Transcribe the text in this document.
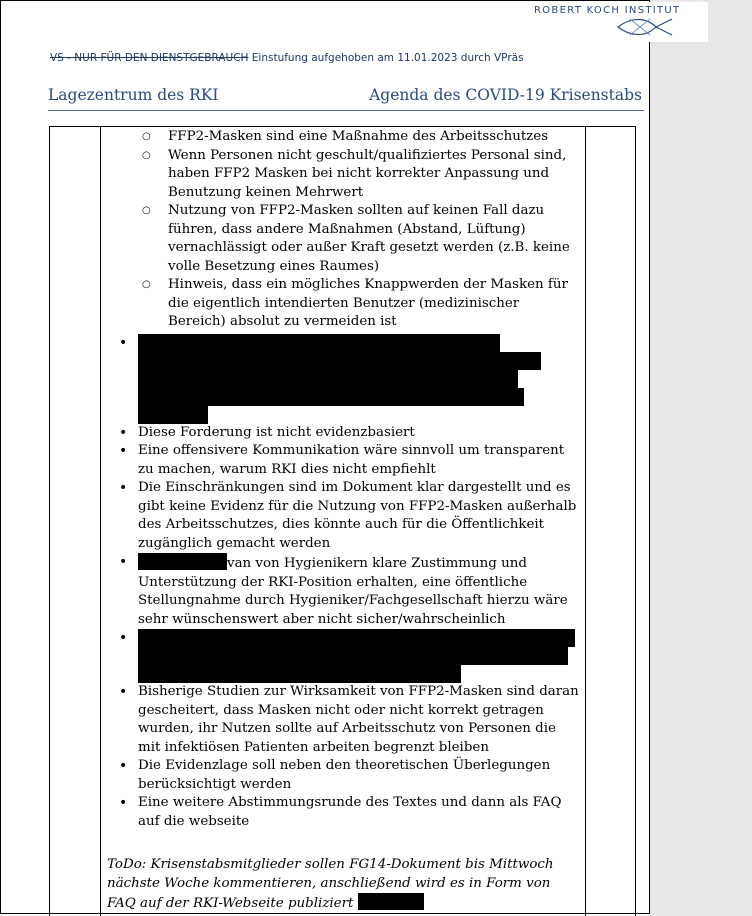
ROBERT KOCH INSTITUT
VS - NUR FÜR DEN DIENSTGEBRAUCH Einstufung aufgehoben am 11.01.2023 durch VPräs
Lagezentrum des RKI	Agenda des COVID-19 Krisenstabs
○ FFP2-Masken sind eine Maßnahme des Arbeitsschutzes
○ Wenn Personen nicht geschult/qualifiziertes Personal sind, haben FFP2 Masken bei nicht korrekter Anpassung und Benutzung keinen Mehrwert
○ Nutzung von FFP2-Masken sollten auf keinen Fall dazu führen, dass andere Maßnahmen (Abstand, Lüftung) vernachlässigt oder außer Kraft gesetzt werden (z.B. keine volle Besetzung eines Raumes)
○ Hinweis, dass ein mögliches Knappwerden der Masken für die eigentlich intendierten Benutzer (medizinischer Bereich) absolut zu vermeiden ist
•
• Diese Forderung ist nicht evidenzbasiert
• Eine offensivere Kommunikation wäre sinnvoll um transparent zu machen, warum RKI dies nicht empfiehlt
• Die Einschränkungen sind im Dokument klar dargestellt und es gibt keine Evidenz für die Nutzung von FFP2-Masken außerhalb des Arbeitsschutzes, dies könnte auch für die Öffentlichkeit zugänglich gemacht werden
•	van von Hygienikern klare Zustimmung und Unterstützung der RKI-Position erhalten, eine öffentliche Stellungnahme durch Hygieniker/Fachgesellschaft hierzu wäre sehr wünschenswert aber nicht sicher/wahrscheinlich
•
• Bisherige Studien zur Wirksamkeit von FFP2-Masken sind daran gescheitert, dass Masken nicht oder nicht korrekt getragen wurden, ihr Nutzen sollte auf Arbeitsschutz von Personen die mit infektiösen Patienten arbeiten begrenzt bleiben
• Die Evidenzlage soll neben den theoretischen Überlegungen berücksichtigt werden
• Eine weitere Abstimmungsrunde des Textes und dann als FAQ auf die webseite
ToDo: Krisenstabsmitglieder sollen FG14-Dokument bis Mittwoch nächste Woche kommentieren, anschließend wird es in Form von FAQ auf der RKI-Webseite publiziert
